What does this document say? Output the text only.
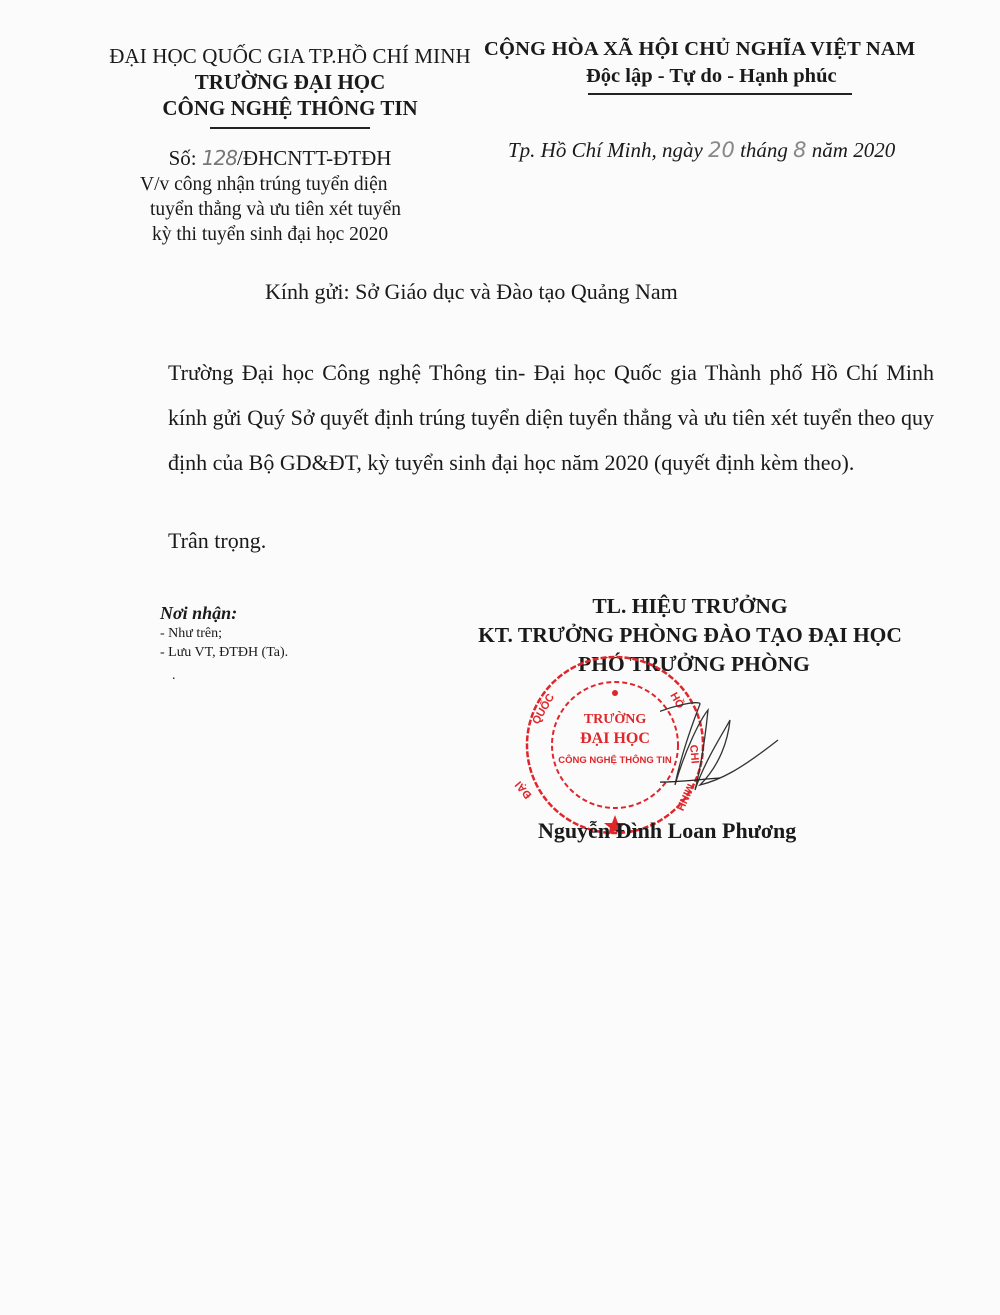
ĐẠI HỌC QUỐC GIA TP.HỒ CHÍ MINH
TRƯỜNG ĐẠI HỌC
CÔNG NGHỆ THÔNG TIN
CỘNG HÒA XÃ HỘI CHỦ NGHĨA VIỆT NAM
Độc lập - Tự do - Hạnh phúc
Số: 128/ĐHCNTT-ĐTĐH
V/v công nhận trúng tuyển diện
tuyển thẳng và ưu tiên xét tuyển
kỳ thi tuyển sinh đại học 2020
Tp. Hồ Chí Minh, ngày 20 tháng 8 năm 2020
Kính gửi: Sở Giáo dục và Đào tạo Quảng Nam
Trường Đại học Công nghệ Thông tin- Đại học Quốc gia Thành phố Hồ Chí Minh kính gửi Quý Sở quyết định trúng tuyển diện tuyển thẳng và ưu tiên xét tuyển theo quy định của Bộ GD&ĐT, kỳ tuyển sinh đại học năm 2020 (quyết định kèm theo).
Trân trọng.
Nơi nhận:
- Như trên;
- Lưu VT, ĐTĐH (Ta).
.
TL. HIỆU TRƯỞNG
KT. TRƯỞNG PHÒNG ĐÀO TẠO ĐẠI HỌC
PHÓ TRƯỞNG PHÒNG
TRƯỜNG
ĐẠI HỌC
CÔNG NGHỆ THÔNG TIN
QUỐC	HỒ
CHÍ
MINH
ĐẠI
Nguyễn Đình Loan Phương
